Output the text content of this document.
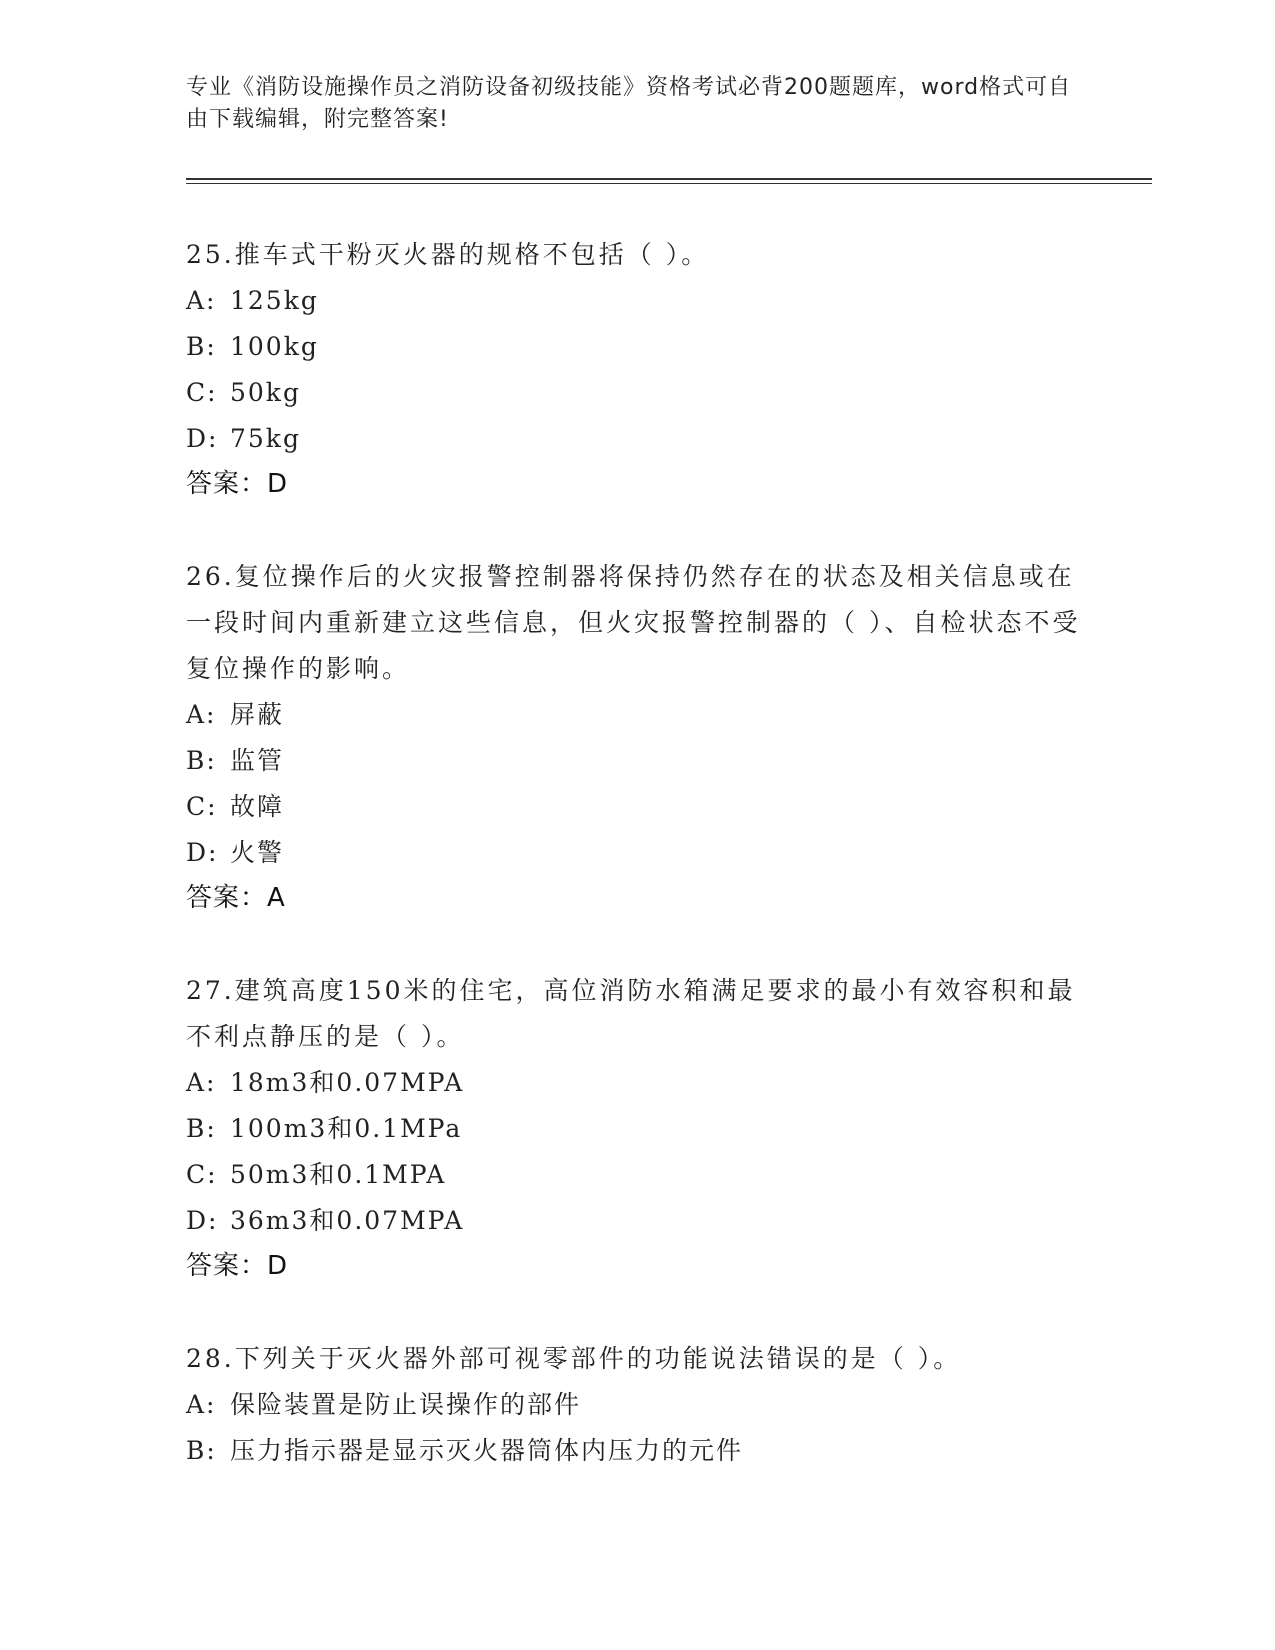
专业《消防设施操作员之消防设备初级技能》资格考试必背200题题库，word格式可自由下载编辑，附完整答案!

25.推车式干粉灭火器的规格不包括（ ）。

A: 125kg

B: 100kg

C: 50kg

D: 75kg

答案：D

26.复位操作后的火灾报警控制器将保持仍然存在的状态及相关信息或在一段时间内重新建立这些信息，但火灾报警控制器的（ ）、自检状态不受复位操作的影响。

A: 屏蔽

B: 监管

C: 故障

D: 火警

答案：A

27.建筑高度150米的住宅，高位消防水箱满足要求的最小有效容积和最不利点静压的是（ ）。

A: 18m3和0.07MPA

B: 100m3和0.1MPa

C: 50m3和0.1MPA

D: 36m3和0.07MPA

答案：D

28.下列关于灭火器外部可视零部件的功能说法错误的是（ ）。

A: 保险装置是防止误操作的部件

B: 压力指示器是显示灭火器筒体内压力的元件
